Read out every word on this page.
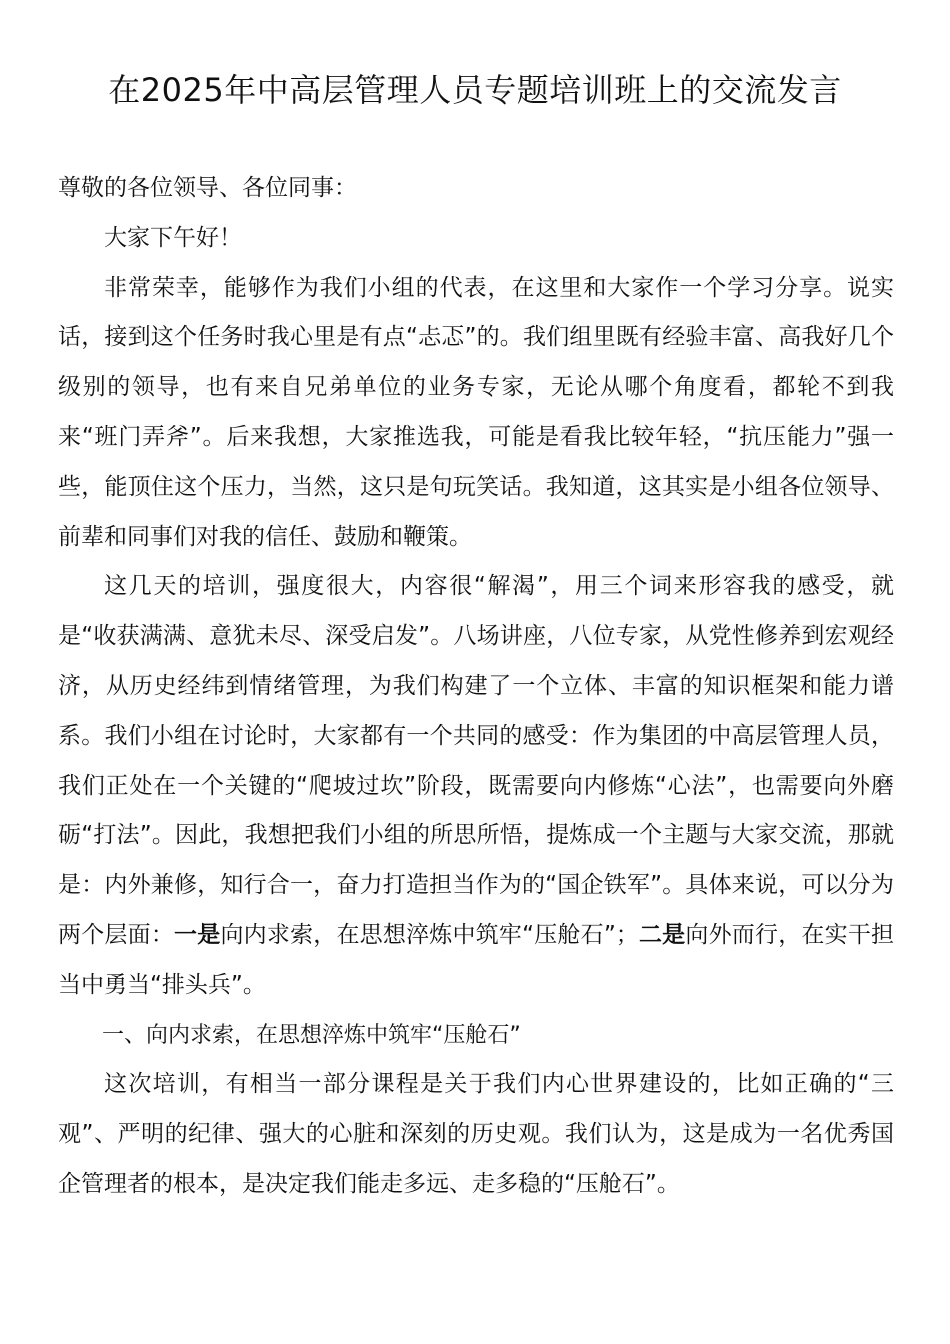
在2025年中高层管理人员专题培训班上的交流发言

尊敬的各位领导、各位同事：

大家下午好！

非常荣幸，能够作为我们小组的代表，在这里和大家作一个学习分享。说实话，接到这个任务时我心里是有点“忐忑”的。我们组里既有经验丰富、高我好几个级别的领导，也有来自兄弟单位的业务专家，无论从哪个角度看，都轮不到我来“班门弄斧”。后来我想，大家推选我，可能是看我比较年轻，“抗压能力”强一些，能顶住这个压力，当然，这只是句玩笑话。我知道，这其实是小组各位领导、前辈和同事们对我的信任、鼓励和鞭策。

这几天的培训，强度很大，内容很“解渴”，用三个词来形容我的感受，就是“收获满满、意犹未尽、深受启发”。八场讲座，八位专家，从党性修养到宏观经济，从历史经纬到情绪管理，为我们构建了一个立体、丰富的知识框架和能力谱系。我们小组在讨论时，大家都有一个共同的感受：作为集团的中高层管理人员，我们正处在一个关键的“爬坡过坎”阶段，既需要向内修炼“心法”，也需要向外磨砺“打法”。因此，我想把我们小组的所思所悟，提炼成一个主题与大家交流，那就是：内外兼修，知行合一，奋力打造担当作为的“国企铁军”。具体来说，可以分为两个层面：一是向内求索，在思想淬炼中筑牢“压舱石”；二是向外而行，在实干担当中勇当“排头兵”。

一、向内求索，在思想淬炼中筑牢“压舱石”

这次培训，有相当一部分课程是关于我们内心世界建设的，比如正确的“三观”、严明的纪律、强大的心脏和深刻的历史观。我们认为，这是成为一名优秀国企管理者的根本，是决定我们能走多远、走多稳的“压舱石”。
